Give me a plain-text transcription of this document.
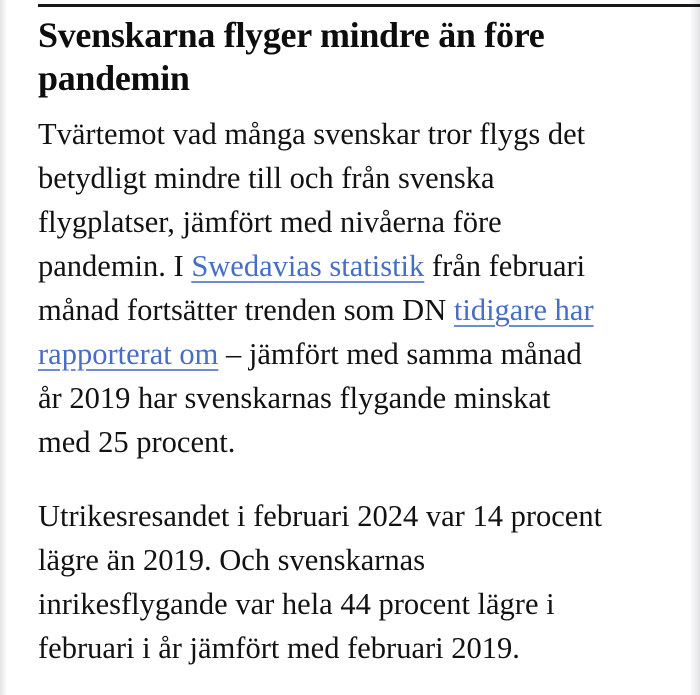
Svenskarna flyger mindre än före
pandemin

Tvärtemot vad många svenskar tror flygs det
betydligt mindre till och från svenska
flygplatser, jämfört med nivåerna före
pandemin. I Swedavias statistik från februari
månad fortsätter trenden som DN tidigare har
rapporterat om – jämfört med samma månad
år 2019 har svenskarnas flygande minskat
med 25 procent.

Utrikesresandet i februari 2024 var 14 procent
lägre än 2019. Och svenskarnas
inrikesflygande var hela 44 procent lägre i
februari i år jämfört med februari 2019.
